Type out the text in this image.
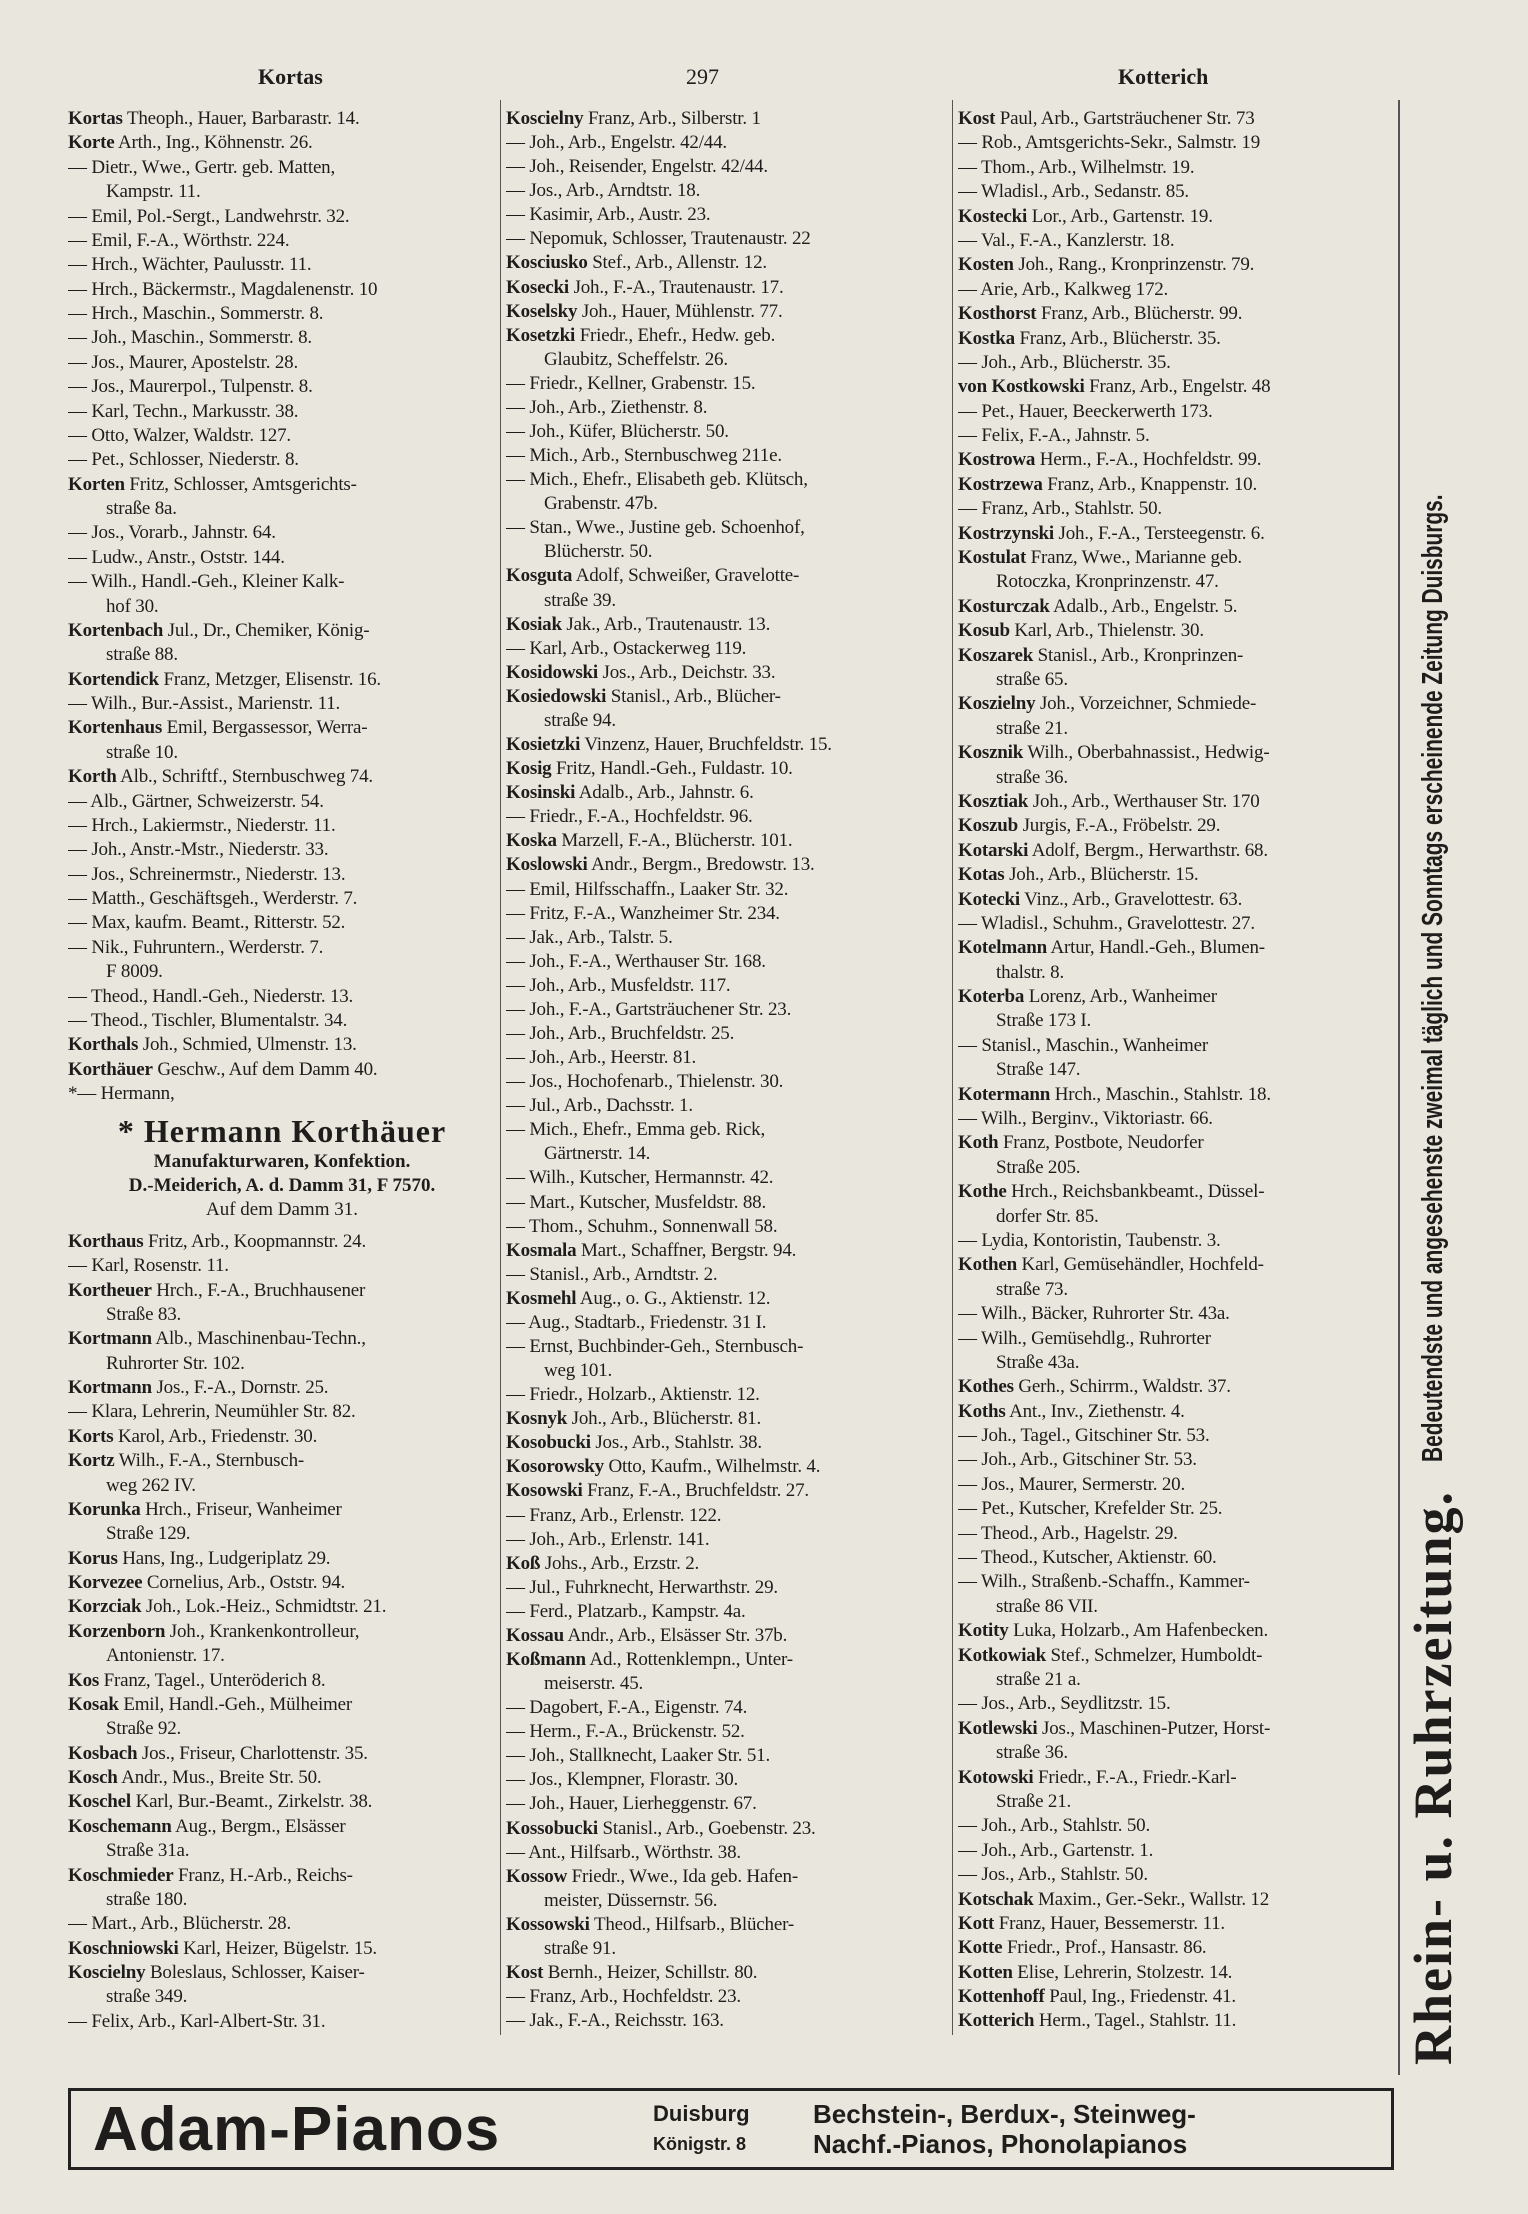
Kortas	297	Kotterich
Kortas Theoph., Hauer, Barbarastr. 14.
Korte Arth., Ing., Köhnenstr. 26.
— Dietr., Wwe., Gertr. geb. Matten,
Kampstr. 11.
— Emil, Pol.-Sergt., Landwehrstr. 32.
— Emil, F.-A., Wörthstr. 224.
— Hrch., Wächter, Paulusstr. 11.
— Hrch., Bäckermstr., Magdalenenstr. 10
— Hrch., Maschin., Sommerstr. 8.
— Joh., Maschin., Sommerstr. 8.
— Jos., Maurer, Apostelstr. 28.
— Jos., Maurerpol., Tulpenstr. 8.
— Karl, Techn., Markusstr. 38.
— Otto, Walzer, Waldstr. 127.
— Pet., Schlosser, Niederstr. 8.
Korten Fritz, Schlosser, Amtsgerichts-
straße 8a.
— Jos., Vorarb., Jahnstr. 64.
— Ludw., Anstr., Oststr. 144.
— Wilh., Handl.-Geh., Kleiner Kalk-
hof 30.
Kortenbach Jul., Dr., Chemiker, König-
straße 88.
Kortendick Franz, Metzger, Elisenstr. 16.
— Wilh., Bur.-Assist., Marienstr. 11.
Kortenhaus Emil, Bergassessor, Werra-
straße 10.
Korth Alb., Schriftf., Sternbuschweg 74.
— Alb., Gärtner, Schweizerstr. 54.
— Hrch., Lakiermstr., Niederstr. 11.
— Joh., Anstr.-Mstr., Niederstr. 33.
— Jos., Schreinermstr., Niederstr. 13.
— Matth., Geschäftsgeh., Werderstr. 7.
— Max, kaufm. Beamt., Ritterstr. 52.
— Nik., Fuhruntern., Werderstr. 7.
F 8009.
— Theod., Handl.-Geh., Niederstr. 13.
— Theod., Tischler, Blumentalstr. 34.
Korthals Joh., Schmied, Ulmenstr. 13.
Korthäuer Geschw., Auf dem Damm 40.
*— Hermann,
* Hermann Korthäuer
Manufakturwaren, Konfektion.
D.-Meiderich, A. d. Damm 31, F 7570.
Auf dem Damm 31.
Korthaus Fritz, Arb., Koopmannstr. 24.
— Karl, Rosenstr. 11.
Kortheuer Hrch., F.-A., Bruchhausener
Straße 83.
Kortmann Alb., Maschinenbau-Techn.,
Ruhrorter Str. 102.
Kortmann Jos., F.-A., Dornstr. 25.
— Klara, Lehrerin, Neumühler Str. 82.
Korts Karol, Arb., Friedenstr. 30.
Kortz Wilh., F.-A., Sternbusch-
weg 262 IV.
Korunka Hrch., Friseur, Wanheimer
Straße 129.
Korus Hans, Ing., Ludgeriplatz 29.
Korvezee Cornelius, Arb., Oststr. 94.
Korzciak Joh., Lok.-Heiz., Schmidtstr. 21.
Korzenborn Joh., Krankenkontrolleur,
Antonienstr. 17.
Kos Franz, Tagel., Unteröderich 8.
Kosak Emil, Handl.-Geh., Mülheimer
Straße 92.
Kosbach Jos., Friseur, Charlottenstr. 35.
Kosch Andr., Mus., Breite Str. 50.
Koschel Karl, Bur.-Beamt., Zirkelstr. 38.
Koschemann Aug., Bergm., Elsässer
Straße 31a.
Koschmieder Franz, H.-Arb., Reichs-
straße 180.
— Mart., Arb., Blücherstr. 28.
Koschniowski Karl, Heizer, Bügelstr. 15.
Koscielny Boleslaus, Schlosser, Kaiser-
straße 349.
— Felix, Arb., Karl-Albert-Str. 31.
Koscielny Franz, Arb., Silberstr. 1
— Joh., Arb., Engelstr. 42/44.
— Joh., Reisender, Engelstr. 42/44.
— Jos., Arb., Arndtstr. 18.
— Kasimir, Arb., Austr. 23.
— Nepomuk, Schlosser, Trautenaustr. 22
Kosciusko Stef., Arb., Allenstr. 12.
Kosecki Joh., F.-A., Trautenaustr. 17.
Koselsky Joh., Hauer, Mühlenstr. 77.
Kosetzki Friedr., Ehefr., Hedw. geb.
Glaubitz, Scheffelstr. 26.
— Friedr., Kellner, Grabenstr. 15.
— Joh., Arb., Ziethenstr. 8.
— Joh., Küfer, Blücherstr. 50.
— Mich., Arb., Sternbuschweg 211e.
— Mich., Ehefr., Elisabeth geb. Klütsch,
Grabenstr. 47b.
— Stan., Wwe., Justine geb. Schoenhof,
Blücherstr. 50.
Kosguta Adolf, Schweißer, Gravelotte-
straße 39.
Kosiak Jak., Arb., Trautenaustr. 13.
— Karl, Arb., Ostackerweg 119.
Kosidowski Jos., Arb., Deichstr. 33.
Kosiedowski Stanisl., Arb., Blücher-
straße 94.
Kosietzki Vinzenz, Hauer, Bruchfeldstr. 15.
Kosig Fritz, Handl.-Geh., Fuldastr. 10.
Kosinski Adalb., Arb., Jahnstr. 6.
— Friedr., F.-A., Hochfeldstr. 96.
Koska Marzell, F.-A., Blücherstr. 101.
Koslowski Andr., Bergm., Bredowstr. 13.
— Emil, Hilfsschaffn., Laaker Str. 32.
— Fritz, F.-A., Wanzheimer Str. 234.
— Jak., Arb., Talstr. 5.
— Joh., F.-A., Werthauser Str. 168.
— Joh., Arb., Musfeldstr. 117.
— Joh., F.-A., Gartsträuchener Str. 23.
— Joh., Arb., Bruchfeldstr. 25.
— Joh., Arb., Heerstr. 81.
— Jos., Hochofenarb., Thielenstr. 30.
— Jul., Arb., Dachsstr. 1.
— Mich., Ehefr., Emma geb. Rick,
Gärtnerstr. 14.
— Wilh., Kutscher, Hermannstr. 42.
— Mart., Kutscher, Musfeldstr. 88.
— Thom., Schuhm., Sonnenwall 58.
Kosmala Mart., Schaffner, Bergstr. 94.
— Stanisl., Arb., Arndtstr. 2.
Kosmehl Aug., o. G., Aktienstr. 12.
— Aug., Stadtarb., Friedenstr. 31 I.
— Ernst, Buchbinder-Geh., Sternbusch-
weg 101.
— Friedr., Holzarb., Aktienstr. 12.
Kosnyk Joh., Arb., Blücherstr. 81.
Kosobucki Jos., Arb., Stahlstr. 38.
Kosorowsky Otto, Kaufm., Wilhelmstr. 4.
Kosowski Franz, F.-A., Bruchfeldstr. 27.
— Franz, Arb., Erlenstr. 122.
— Joh., Arb., Erlenstr. 141.
Koß Johs., Arb., Erzstr. 2.
— Jul., Fuhrknecht, Herwarthstr. 29.
— Ferd., Platzarb., Kampstr. 4a.
Kossau Andr., Arb., Elsässer Str. 37b.
Koßmann Ad., Rottenklempn., Unter-
meiserstr. 45.
— Dagobert, F.-A., Eigenstr. 74.
— Herm., F.-A., Brückenstr. 52.
— Joh., Stallknecht, Laaker Str. 51.
— Jos., Klempner, Florastr. 30.
— Joh., Hauer, Lierheggenstr. 67.
Kossobucki Stanisl., Arb., Goebenstr. 23.
— Ant., Hilfsarb., Wörthstr. 38.
Kossow Friedr., Wwe., Ida geb. Hafen-
meister, Düssernstr. 56.
Kossowski Theod., Hilfsarb., Blücher-
straße 91.
Kost Bernh., Heizer, Schillstr. 80.
— Franz, Arb., Hochfeldstr. 23.
— Jak., F.-A., Reichsstr. 163.
Kost Paul, Arb., Gartsträuchener Str. 73
— Rob., Amtsgerichts-Sekr., Salmstr. 19
— Thom., Arb., Wilhelmstr. 19.
— Wladisl., Arb., Sedanstr. 85.
Kostecki Lor., Arb., Gartenstr. 19.
— Val., F.-A., Kanzlerstr. 18.
Kosten Joh., Rang., Kronprinzenstr. 79.
— Arie, Arb., Kalkweg 172.
Kosthorst Franz, Arb., Blücherstr. 99.
Kostka Franz, Arb., Blücherstr. 35.
— Joh., Arb., Blücherstr. 35.
von Kostkowski Franz, Arb., Engelstr. 48
— Pet., Hauer, Beeckerwerth 173.
— Felix, F.-A., Jahnstr. 5.
Kostrowa Herm., F.-A., Hochfeldstr. 99.
Kostrzewa Franz, Arb., Knappenstr. 10.
— Franz, Arb., Stahlstr. 50.
Kostrzynski Joh., F.-A., Tersteegenstr. 6.
Kostulat Franz, Wwe., Marianne geb.
Rotoczka, Kronprinzenstr. 47.
Kosturczak Adalb., Arb., Engelstr. 5.
Kosub Karl, Arb., Thielenstr. 30.
Koszarek Stanisl., Arb., Kronprinzen-
straße 65.
Koszielny Joh., Vorzeichner, Schmiede-
straße 21.
Kosznik Wilh., Oberbahnassist., Hedwig-
straße 36.
Kosztiak Joh., Arb., Werthauser Str. 170
Koszub Jurgis, F.-A., Fröbelstr. 29.
Kotarski Adolf, Bergm., Herwarthstr. 68.
Kotas Joh., Arb., Blücherstr. 15.
Kotecki Vinz., Arb., Gravelottestr. 63.
— Wladisl., Schuhm., Gravelottestr. 27.
Kotelmann Artur, Handl.-Geh., Blumen-
thalstr. 8.
Koterba Lorenz, Arb., Wanheimer
Straße 173 I.
— Stanisl., Maschin., Wanheimer
Straße 147.
Kotermann Hrch., Maschin., Stahlstr. 18.
— Wilh., Berginv., Viktoriastr. 66.
Koth Franz, Postbote, Neudorfer
Straße 205.
Kothe Hrch., Reichsbankbeamt., Düssel-
dorfer Str. 85.
— Lydia, Kontoristin, Taubenstr. 3.
Kothen Karl, Gemüsehändler, Hochfeld-
straße 73.
— Wilh., Bäcker, Ruhrorter Str. 43a.
— Wilh., Gemüsehdlg., Ruhrorter
Straße 43a.
Kothes Gerh., Schirrm., Waldstr. 37.
Koths Ant., Inv., Ziethenstr. 4.
— Joh., Tagel., Gitschiner Str. 53.
— Joh., Arb., Gitschiner Str. 53.
— Jos., Maurer, Sermerstr. 20.
— Pet., Kutscher, Krefelder Str. 25.
— Theod., Arb., Hagelstr. 29.
— Theod., Kutscher, Aktienstr. 60.
— Wilh., Straßenb.-Schaffn., Kammer-
straße 86 VII.
Kotity Luka, Holzarb., Am Hafenbecken.
Kotkowiak Stef., Schmelzer, Humboldt-
straße 21 a.
— Jos., Arb., Seydlitzstr. 15.
Kotlewski Jos., Maschinen-Putzer, Horst-
straße 36.
Kotowski Friedr., F.-A., Friedr.-Karl-
Straße 21.
— Joh., Arb., Stahlstr. 50.
— Joh., Arb., Gartenstr. 1.
— Jos., Arb., Stahlstr. 50.
Kotschak Maxim., Ger.-Sekr., Wallstr. 12
Kott Franz, Hauer, Bessemerstr. 11.
Kotte Friedr., Prof., Hansastr. 86.
Kotten Elise, Lehrerin, Stolzestr. 14.
Kottenhoff Paul, Ing., Friedenstr. 41.
Kotterich Herm., Tagel., Stahlstr. 11.	Rhein- u. Ruhrzeitung.
Bedeutendste und angesehenste zweimal täglich und Sonntags erscheinende Zeitung Duisburgs.
Adam-Pianos	Duisburg
Königstr. 8
Bechstein-, Berdux-, Steinweg-
Nachf.-Pianos, Phonolapianos
